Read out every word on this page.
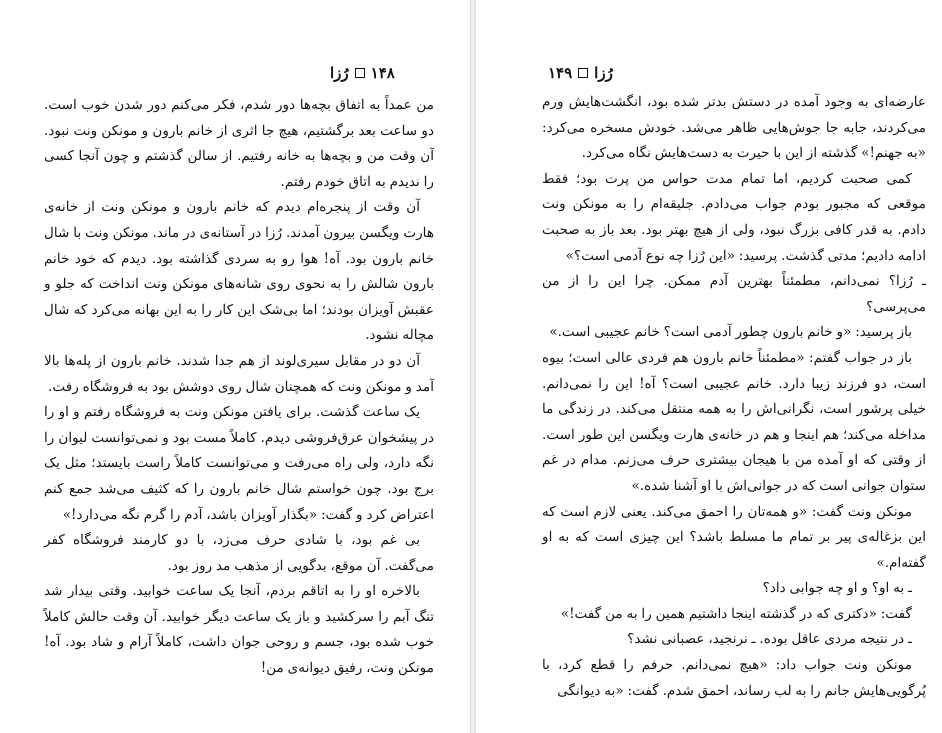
۱۴۸
رُزا

من عمداً به اتفاق بچه‌ها دور شدم، فکر می‌کنم دور شدن خوب است. دو ساعت بعد برگشتیم، هیچ جا اثری از خانم بارون و مونکن ونت نبود. آن وقت من و بچه‌ها به خانه رفتیم. از سالن گذشتم و چون آنجا کسی را ندیدم به اتاق خودم رفتم.

آن وقت از پنجره‌ام دیدم که خانم بارون و مونکن ونت از خانه‌ی هارت ویگسن بیرون آمدند. رُزا در آستانه‌ی در ماند. مونکن ونت با شال خانم بارون بود. آه! هوا رو به سردی گذاشته بود. دیدم که خود خانم بارون شالش را به نحوی روی شانه‌های مونکن ونت انداخت که جلو و عقبش آویزان بودند؛ اما بی‌شک این کار را به این بهانه می‌کرد که شال مچاله نشود.

آن دو در مقابل سیری‌لوند از هم جدا شدند. خانم بارون از پله‌ها بالا آمد و مونکن ونت که همچنان شال روی دوشش بود به فروشگاه رفت.

یک ساعت گذشت. برای یافتن مونکن ونت به فروشگاه رفتم و او را در پیشخوان عرق‌فروشی دیدم. کاملاً مست بود و نمی‌توانست لیوان را نگه دارد، ولی راه می‌رفت و می‌توانست کاملاً راست بایستد؛ مثل یک برج بود. چون خواستم شال خانم بارون را که کثیف می‌شد جمع کنم اعتراض کرد و گفت: «بگذار آویزان باشد، آدم را گرم نگه می‌دارد!»

بی غم بود، با شادی حرف می‌زد، با دو کارمند فروشگاه کفر می‌گفت. آن موقع، بدگویی از مذهب مد روز بود.

بالاخره او را به اتاقم بردم، آنجا یک ساعت خوابید. وقتی بیدار شد تنگ آبم را سرکشید و باز یک ساعت دیگر خوابید. آن وقت حالش کاملاً خوب شده بود، جسم و روحی جوان داشت، کاملاً آرام و شاد بود. آه! مونکن ونت، رفیق دیوانه‌ی من!

رُزا
۱۴۹

عارضه‌ای به وجود آمده در دستش بدتر شده بود، انگشت‌هایش ورم می‌کردند، جابه جا جوش‌هایی ظاهر می‌شد. خودش مسخره می‌کرد: «به جهنم!» گذشته از این با حیرت به دست‌هایش نگاه می‌کرد.

کمی صحبت کردیم، اما تمام مدت حواس من پرت بود؛ فقط موقعی که مجبور بودم جواب می‌دادم. جلیقه‌ام را به مونکن ونت دادم. به قدر کافی بزرگ نبود، ولی از هیچ بهتر بود. بعد باز به صحبت ادامه دادیم؛ مدتی گذشت. پرسید: «این رُزا چه نوع آدمی است؟»

ـ رُزا؟ نمی‌دانم، مطمئناً بهترین آدم ممکن. چرا این را از من می‌پرسی؟

باز پرسید: «و خانم بارون چطور آدمی است؟ خانم عجیبی است.»

باز در جواب گفتم: «مطمئناً خانم بارون هم فردی عالی است؛ بیوه است، دو فرزند زیبا دارد. خانم عجیبی است؟ آه! این را نمی‌دانم. خیلی پرشور است، نگرانی‌اش را به همه منتقل می‌کند. در زندگی ما مداخله می‌کند؛ هم اینجا و هم در خانه‌ی هارت ویگسن این طور است. از وقتی که او آمده من با هیجان بیشتری حرف می‌زنم. مدام در غم ستوان جوانی است که در جوانی‌اش با او آشنا شده.»

مونکن ونت گفت: «و همه‌تان را احمق می‌کند. یعنی لازم است که این بزغاله‌ی پیر بر تمام ما مسلط باشد؟ این چیزی است که به او گفته‌ام.»

ـ به او؟ و او چه جوابی داد؟

گفت: «دکتری که در گذشته اینجا داشتیم همین را به من گفت!»

ـ در نتیجه مردی عاقل بوده. ـ نرنجید، عصبانی نشد؟

مونکن ونت جواب داد: «هیچ نمی‌دانم. حرفم را قطع کرد، با پُرگویی‌هایش جانم را به لب رساند، احمق شدم. گفت: «به دیوانگی
